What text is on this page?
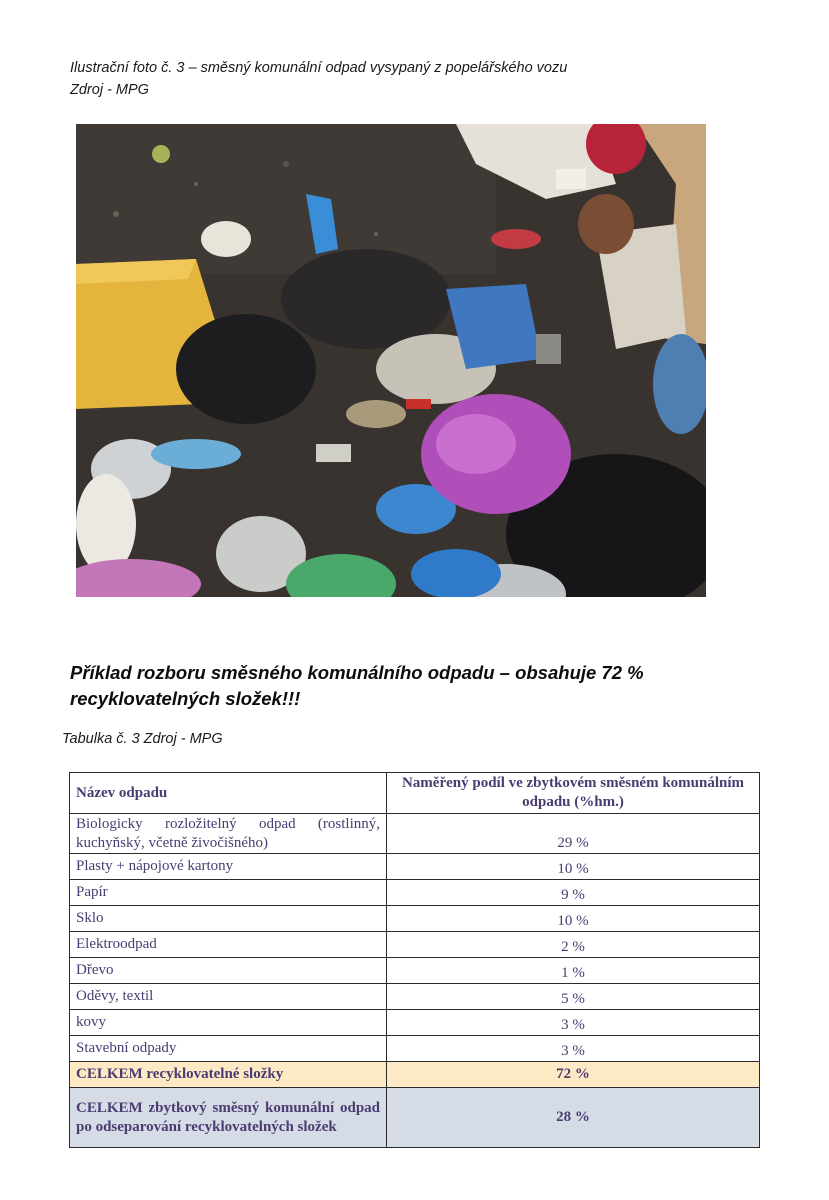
Ilustrační foto č. 3 – směsný komunální odpad vysypaný z popelářského vozu
Zdroj - MPG
Příklad rozboru směsného komunálního odpadu – obsahuje 72 % recyklovatelných složek!!!
Tabulka č. 3 Zdroj - MPG
Název odpadu	Naměřený podíl ve zbytkovém směsném komunálním odpadu (%hm.)
Biologicky rozložitelný odpad (rostlinný, kuchyňský, včetně živočišného)	29 %
Plasty + nápojové kartony	10 %
Papír	9 %
Sklo	10 %
Elektroodpad	2 %
Dřevo	1 %
Oděvy, textil	5 %
kovy	3 %
Stavební odpady	3 %
CELKEM recyklovatelné složky	72 %
CELKEM zbytkový směsný komunální odpad po odseparování recyklovatelných složek	28 %
